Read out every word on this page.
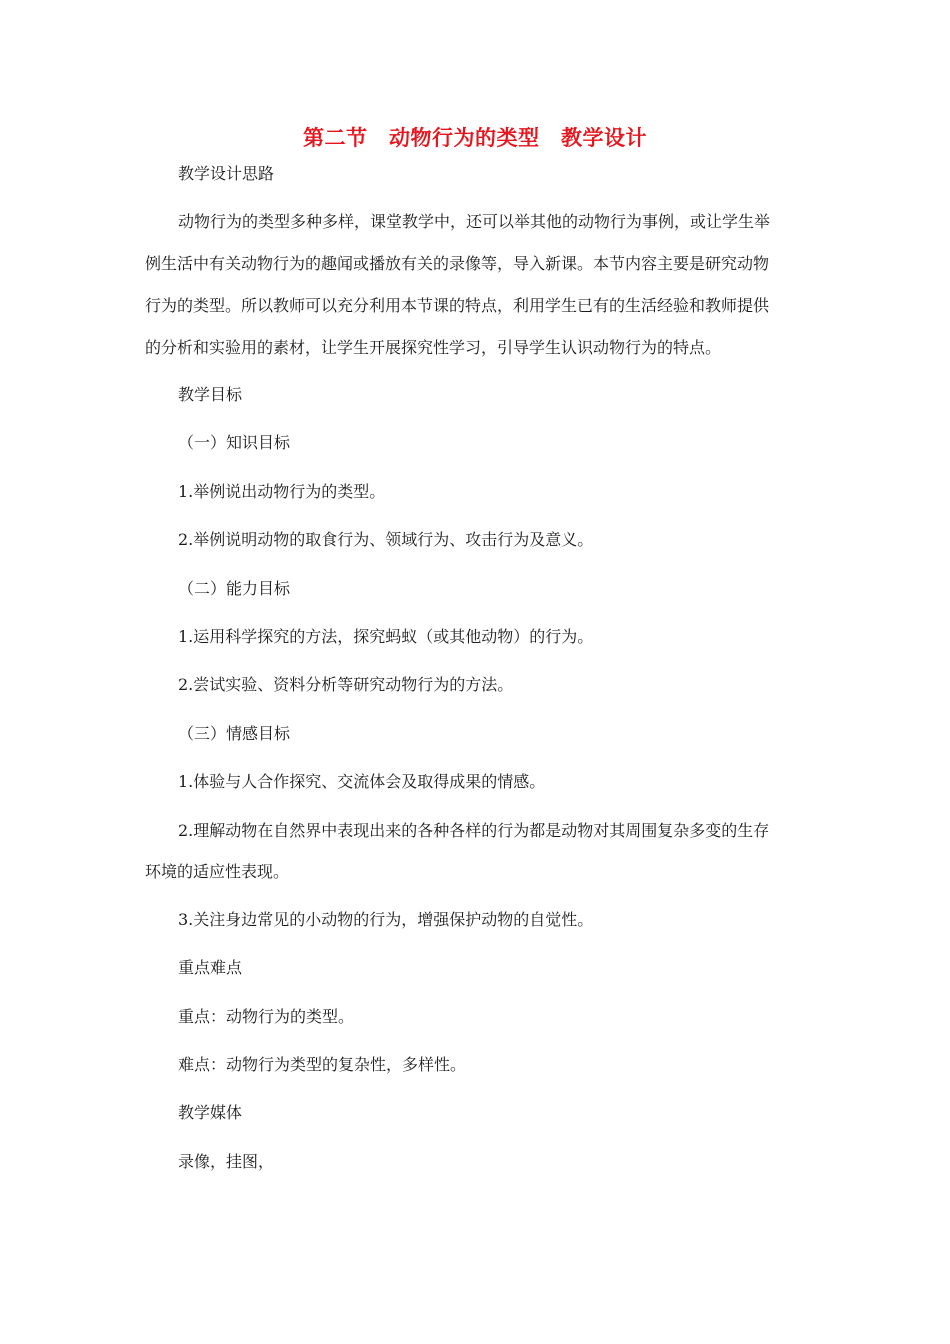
第二节　动物行为的类型　教学设计
教学设计思路
动物行为的类型多种多样，课堂教学中，还可以举其他的动物行为事例，或让学生举
例生活中有关动物行为的趣闻或播放有关的录像等，导入新课。本节内容主要是研究动物
行为的类型。所以教师可以充分利用本节课的特点，利用学生已有的生活经验和教师提供
的分析和实验用的素材，让学生开展探究性学习，引导学生认识动物行为的特点。
教学目标
（一）知识目标
1.举例说出动物行为的类型。
2.举例说明动物的取食行为、领域行为、攻击行为及意义。
（二）能力目标
1.运用科学探究的方法，探究蚂蚁（或其他动物）的行为。
2.尝试实验、资料分析等研究动物行为的方法。
（三）情感目标
1.体验与人合作探究、交流体会及取得成果的情感。
2.理解动物在自然界中表现出来的各种各样的行为都是动物对其周围复杂多变的生存
环境的适应性表现。
3.关注身边常见的小动物的行为，增强保护动物的自觉性。
重点难点
重点：动物行为的类型。
难点：动物行为类型的复杂性，多样性。
教学媒体
录像，挂图，
